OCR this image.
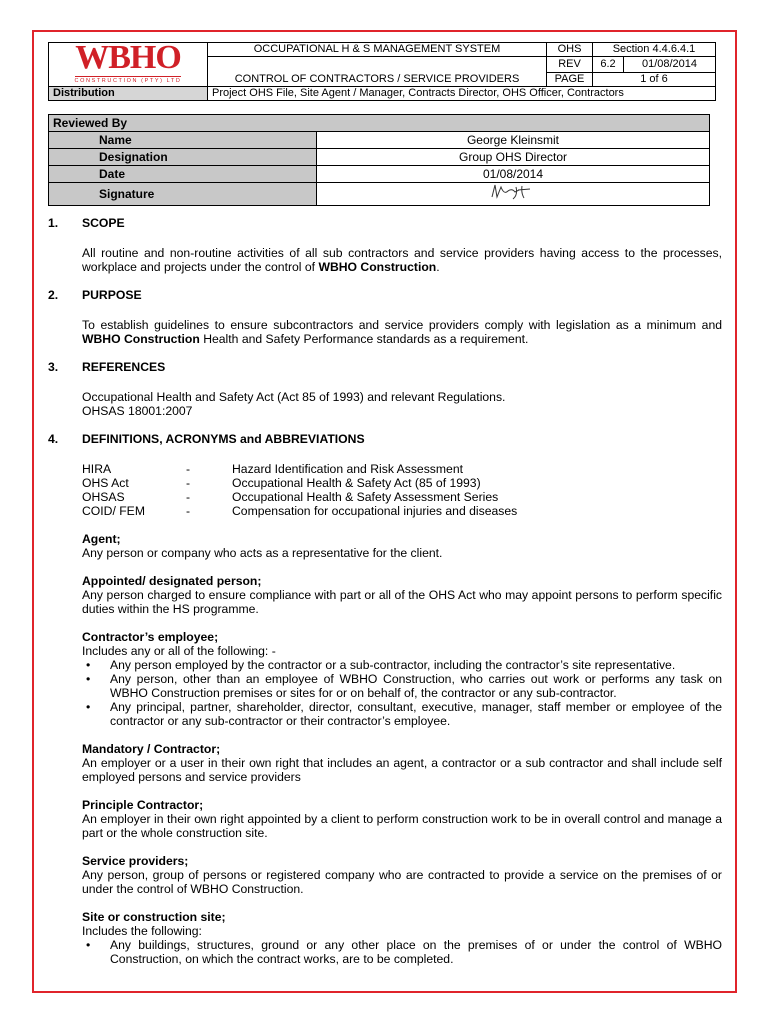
WBHO
CONSTRUCTION (PTY) LTD	OCCUPATIONAL H & S MANAGEMENT SYSTEM	OHS	Section 4.4.6.4.1	
	CONTROL OF CONTRACTORS / SERVICE PROVIDERS	REV	6.2	01/08/2014
		PAGE	1 of 6	
Distribution	Project OHS File, Site Agent / Manager, Contracts Director, OHS Officer, Contractors			
Reviewed By	
Name	George Kleinsmit
Designation	Group OHS Director
Date	01/08/2014
Signature	
1. SCOPE

All routine and non-routine activities of all sub contractors and service providers having access to the processes, workplace and projects under the control of WBHO Construction.

2. PURPOSE

To establish guidelines to ensure subcontractors and service providers comply with legislation as a minimum and WBHO Construction Health and Safety Performance standards as a requirement.

3. REFERENCES

Occupational Health and Safety Act (Act 85 of 1993) and relevant Regulations.

OHSAS 18001:2007

4. DEFINITIONS, ACRONYMS and ABBREVIATIONS
HIRA	-	Hazard Identification and Risk Assessment
OHS Act	-	Occupational Health & Safety Act (85 of 1993)
OHSAS	-	Occupational Health & Safety Assessment Series
COID/ FEM	-	Compensation for occupational injuries and diseases
Agent;

Any person or company who acts as a representative for the client.

Appointed/ designated person;

Any person charged to ensure compliance with part or all of the OHS Act who may appoint persons to perform specific duties within the HS programme.

Contractor’s employee;

Includes any or all of the following: -

• Any person employed by the contractor or a sub-contractor, including the contractor’s site representative.
• Any person, other than an employee of WBHO Construction, who carries out work or performs any task on WBHO Construction premises or sites for or on behalf of, the contractor or any sub-contractor.
• Any principal, partner, shareholder, director, consultant, executive, manager, staff member or employee of the contractor or any sub-contractor or their contractor’s employee.
Mandatory / Contractor;

An employer or a user in their own right that includes an agent, a contractor or a sub contractor and shall include self employed persons and service providers

Principle Contractor;

An employer in their own right appointed by a client to perform construction work to be in overall control and manage a part or the whole construction site.

Service providers;

Any person, group of persons or registered company who are contracted to provide a service on the premises of or under the control of WBHO Construction.

Site or construction site;

Includes the following:

• Any buildings, structures, ground or any other place on the premises of or under the control of WBHO Construction, on which the contract works, are to be completed.
